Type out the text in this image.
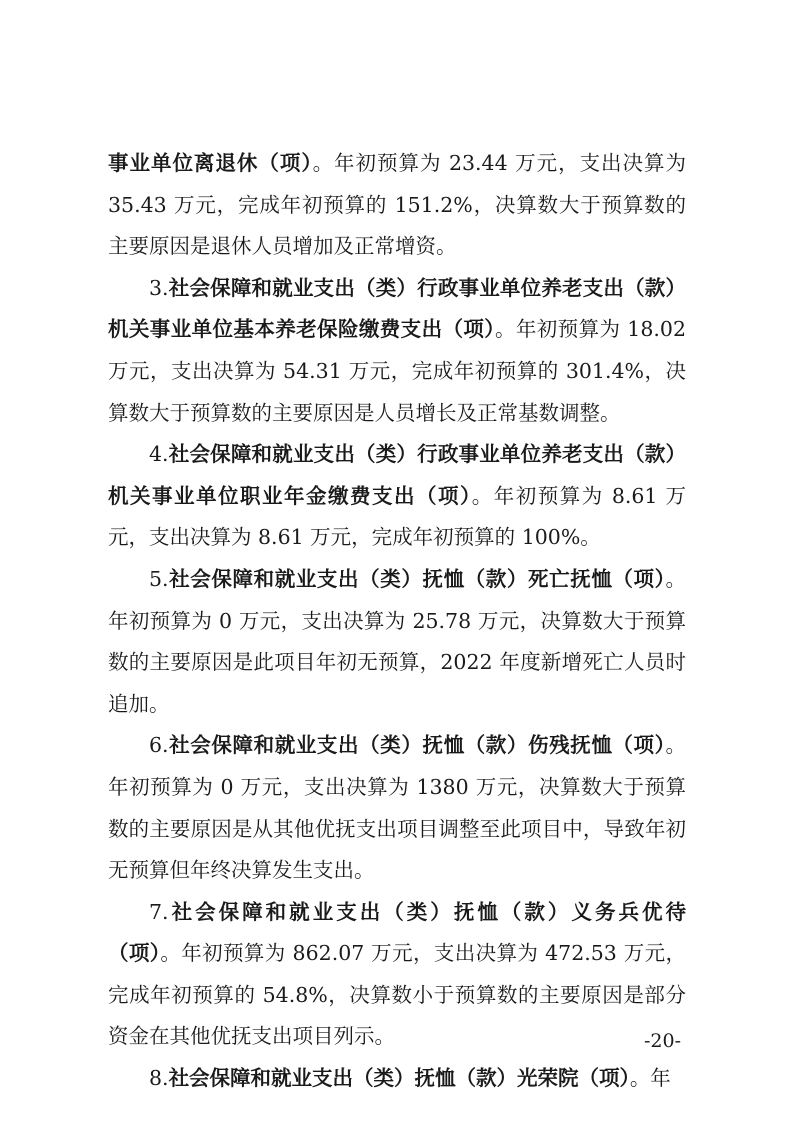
事业单位离退休（项）。年初预算为 23.44 万元，支出决算为 35.43 万元，完成年初预算的 151.2%，决算数大于预算数的主要原因是退休人员增加及正常增资。

3.社会保障和就业支出（类）行政事业单位养老支出（款）机关事业单位基本养老保险缴费支出（项）。年初预算为 18.02 万元，支出决算为 54.31 万元，完成年初预算的 301.4%，决算数大于预算数的主要原因是人员增长及正常基数调整。

4.社会保障和就业支出（类）行政事业单位养老支出（款）机关事业单位职业年金缴费支出（项）。年初预算为 8.61 万元，支出决算为 8.61 万元，完成年初预算的 100%。

5.社会保障和就业支出（类）抚恤（款）死亡抚恤（项）。年初预算为 0 万元，支出决算为 25.78 万元，决算数大于预算数的主要原因是此项目年初无预算，2022 年度新增死亡人员时追加。

6.社会保障和就业支出（类）抚恤（款）伤残抚恤（项）。年初预算为 0 万元，支出决算为 1380 万元，决算数大于预算数的主要原因是从其他优抚支出项目调整至此项目中，导致年初无预算但年终决算发生支出。

7.社会保障和就业支出（类）抚恤（款）义务兵优待（项）。年初预算为 862.07 万元，支出决算为 472.53 万元，完成年初预算的 54.8%，决算数小于预算数的主要原因是部分资金在其他优抚支出项目列示。

8.社会保障和就业支出（类）抚恤（款）光荣院（项）。年

-20-
